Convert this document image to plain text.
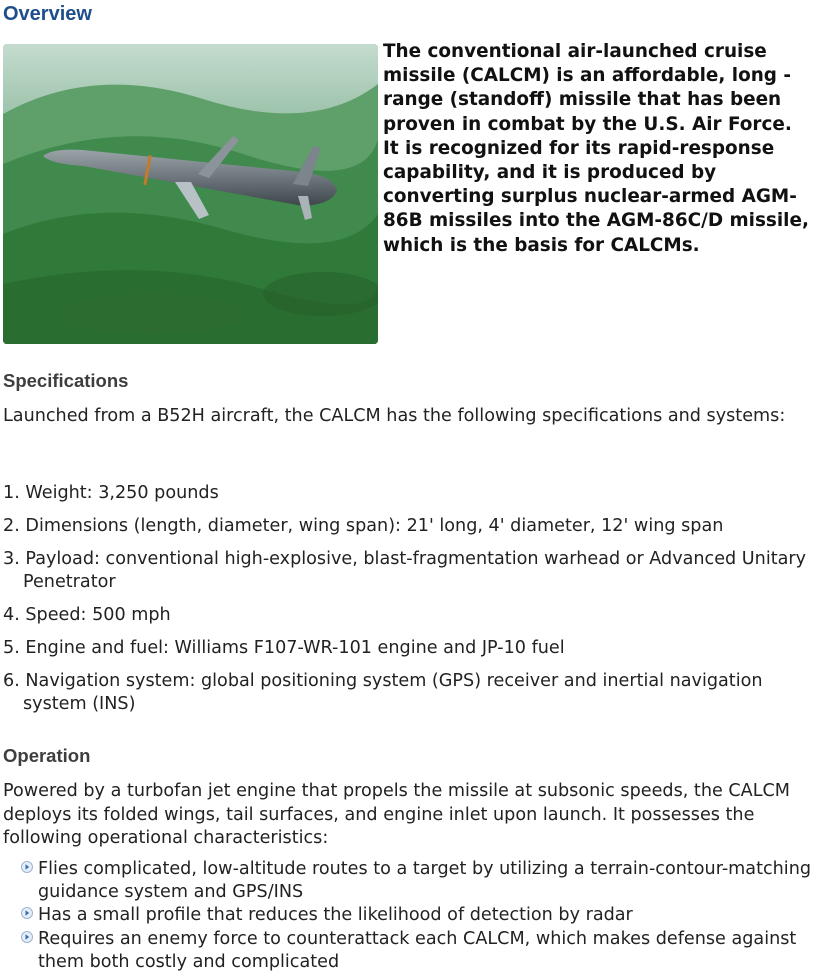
Overview

The conventional air-launched cruise missile (CALCM) is an affordable, long -range (standoff) missile that has been proven in combat by the U.S. Air Force. It is recognized for its rapid-response capability, and it is produced by converting surplus nuclear-armed AGM-86B missiles into the AGM-86C/D missile, which is the basis for CALCMs.

Specifications

Launched from a B52H aircraft, the CALCM has the following specifications and systems:

1. Weight: 3,250 pounds
2. Dimensions (length, diameter, wing span): 21' long, 4' diameter, 12' wing span
3. Payload: conventional high-explosive, blast-fragmentation warhead or Advanced Unitary Penetrator
4. Speed: 500 mph
5. Engine and fuel: Williams F107-WR-101 engine and JP-10 fuel
6. Navigation system: global positioning system (GPS) receiver and inertial navigation system (INS)
Operation

Powered by a turbofan jet engine that propels the missile at subsonic speeds, the CALCM deploys its folded wings, tail surfaces, and engine inlet upon launch. It possesses the following operational characteristics:

Flies complicated, low-altitude routes to a target by utilizing a terrain-contour-matching guidance system and GPS/INS
Has a small profile that reduces the likelihood of detection by radar
Requires an enemy force to counterattack each CALCM, which makes defense against them both costly and complicated
